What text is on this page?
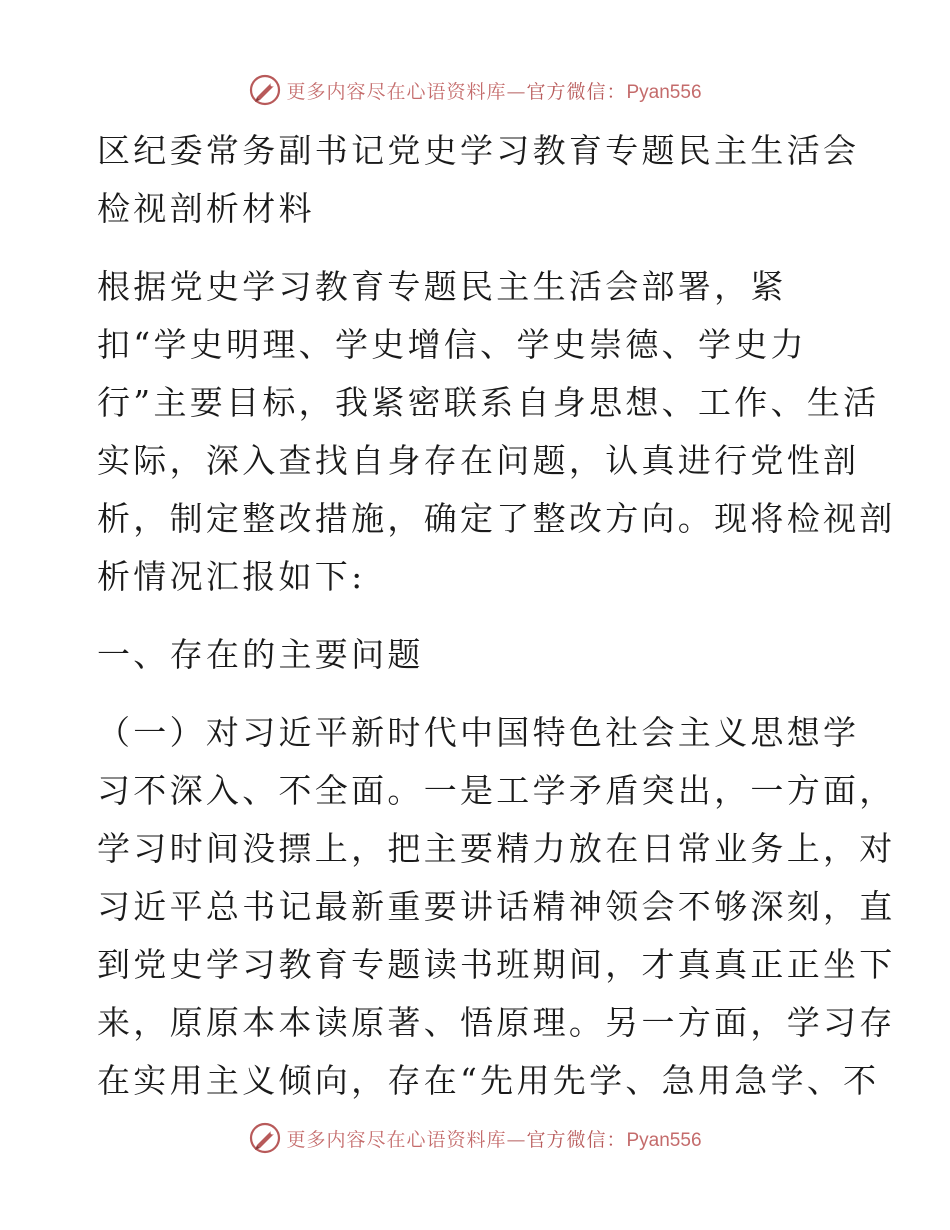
更多内容尽在心语资料库—官方微信：Pyan556
区纪委常务副书记党史学习教育专题民主生活会
检视剖析材料
根据党史学习教育专题民主生活会部署，紧
扣“学史明理、学史增信、学史崇德、学史力
行”主要目标，我紧密联系自身思想、工作、生活
实际，深入查找自身存在问题，认真进行党性剖
析，制定整改措施，确定了整改方向。现将检视剖
析情况汇报如下:
一、存在的主要问题
（一）对习近平新时代中国特色社会主义思想学
习不深入、不全面。一是工学矛盾突出，一方面，
学习时间没摽上，把主要精力放在日常业务上，对
习近平总书记最新重要讲话精神领会不够深刻，直
到党史学习教育专题读书班期间，才真真正正坐下
来，原原本本读原著、悟原理。另一方面，学习存
在实用主义倾向，存在“先用先学、急用急学、不
更多内容尽在心语资料库—官方微信：Pyan556
